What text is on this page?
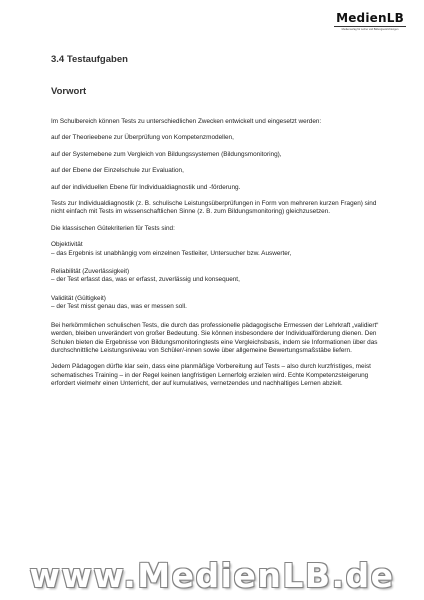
MedienLB
Medienverlag für Lehrer und Bildungseinrichtungen
3.4 Testaufgaben
Vorwort

Im Schulbereich können Tests zu unterschiedlichen Zwecken entwickelt und eingesetzt werden:

auf der Theorieebene zur Überprüfung von Kompetenzmodellen,

auf der Systemebene zum Vergleich von Bildungssystemen (Bildungsmonitoring),

auf der Ebene der Einzelschule zur Evaluation,

auf der individuellen Ebene für Individualdiagnostik und -förderung.

Tests zur Individualdiagnostik (z. B. schulische Leistungsüberprüfungen in Form von mehreren kurzen Fragen) sind nicht einfach mit Tests im wissenschaftlichen Sinne (z. B. zum Bildungsmonitoring) gleichzusetzen.

Die klassischen Gütekriterien für Tests sind:

Objektivität
– das Ergebnis ist unabhängig vom einzelnen Testleiter, Untersucher bzw. Auswerter,

Reliabilität (Zuverlässigkeit)
– der Test erfasst das, was er erfasst, zuverlässig und konsequent,

Validität (Gültigkeit)
– der Test misst genau das, was er messen soll.

Bei herkömmlichen schulischen Tests, die durch das professionelle pädagogische Ermessen der Lehrkraft „validiert“ werden, bleiben unverändert von großer Bedeutung. Sie können insbesondere der Individualförderung dienen. Den Schulen bieten die Ergebnisse von Bildungsmonitoringtests eine Vergleichsbasis, indem sie Informationen über das durchschnittliche Leistungsniveau von Schüler/-innen sowie über allgemeine Bewertungsmaßstäbe liefern.

Jedem Pädagogen dürfte klar sein, dass eine planmäßige Vorbereitung auf Tests – also durch kurzfristiges, meist schematisches Training – in der Regel keinen langfristigen Lernerfolg erzielen wird. Echte Kompetenzsteigerung erfordert vielmehr einen Unterricht, der auf kumulatives, vernetzendes und nachhaltiges Lernen abzielt.

www.MedienLB.de
